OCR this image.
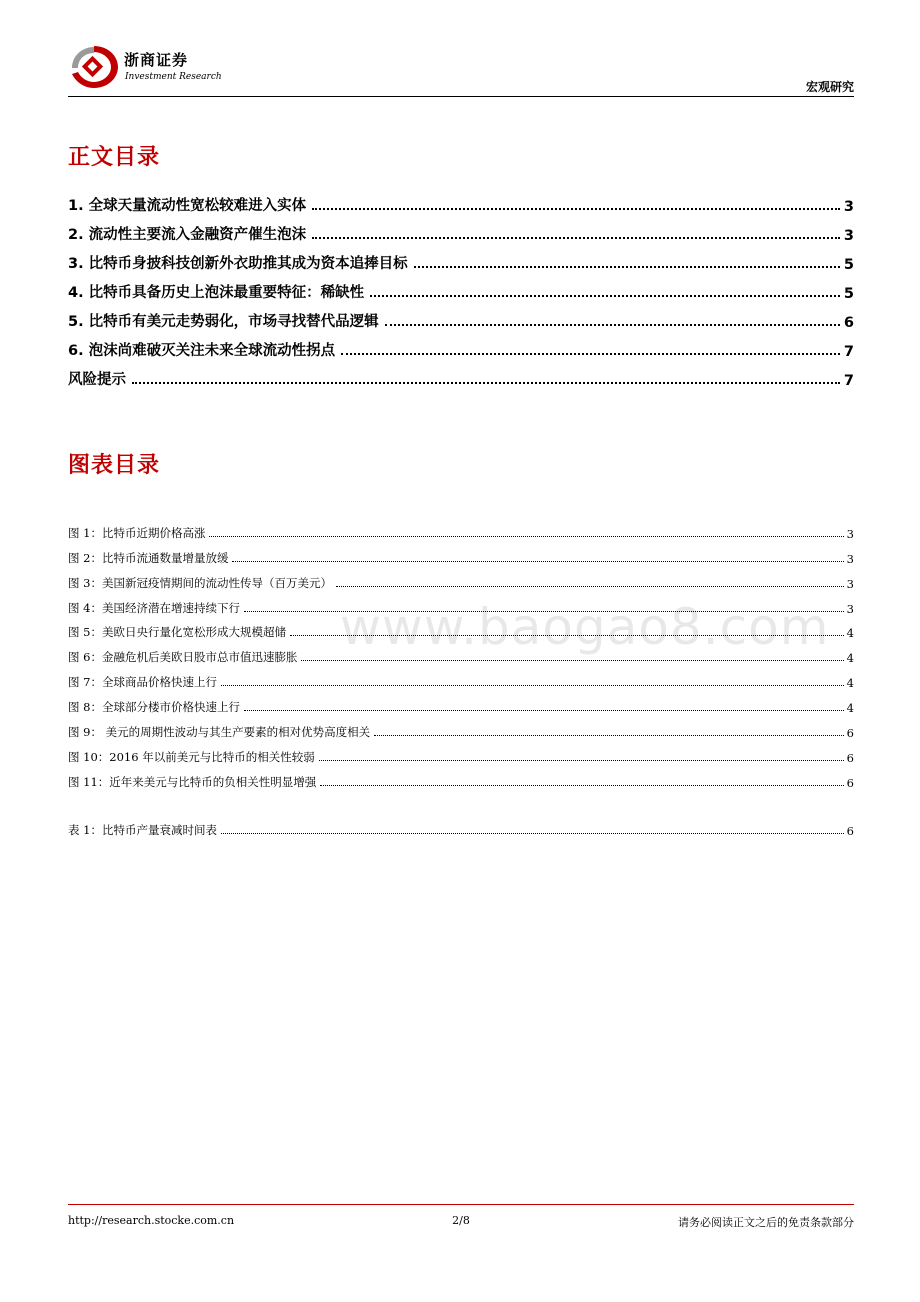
浙商证券
Investment Research
宏观研究
正文目录
1. 全球天量流动性宽松较难进入实体	3
2. 流动性主要流入金融资产催生泡沫	3
3. 比特币身披科技创新外衣助推其成为资本追捧目标	5
4. 比特币具备历史上泡沫最重要特征：稀缺性	5
5. 比特币有美元走势弱化，市场寻找替代品逻辑	6
6. 泡沫尚难破灭关注未来全球流动性拐点	7
风险提示	7
图表目录
图 1：比特币近期价格高涨	3
图 2：比特币流通数量增量放缓	3
图 3：美国新冠疫情期间的流动性传导（百万美元）	3
图 4：美国经济潜在增速持续下行	3
图 5：美欧日央行量化宽松形成大规模超储	4
图 6：金融危机后美欧日股市总市值迅速膨胀	4
图 7：全球商品价格快速上行	4
图 8：全球部分楼市价格快速上行	4
图 9： 美元的周期性波动与其生产要素的相对优势高度相关	6
图 10：2016 年以前美元与比特币的相关性较弱	6
图 11：近年来美元与比特币的负相关性明显增强	6
表 1：比特币产量衰减时间表	6
www.baogao8.com
http://research.stocke.com.cn	2/8	请务必阅读正文之后的免责条款部分
